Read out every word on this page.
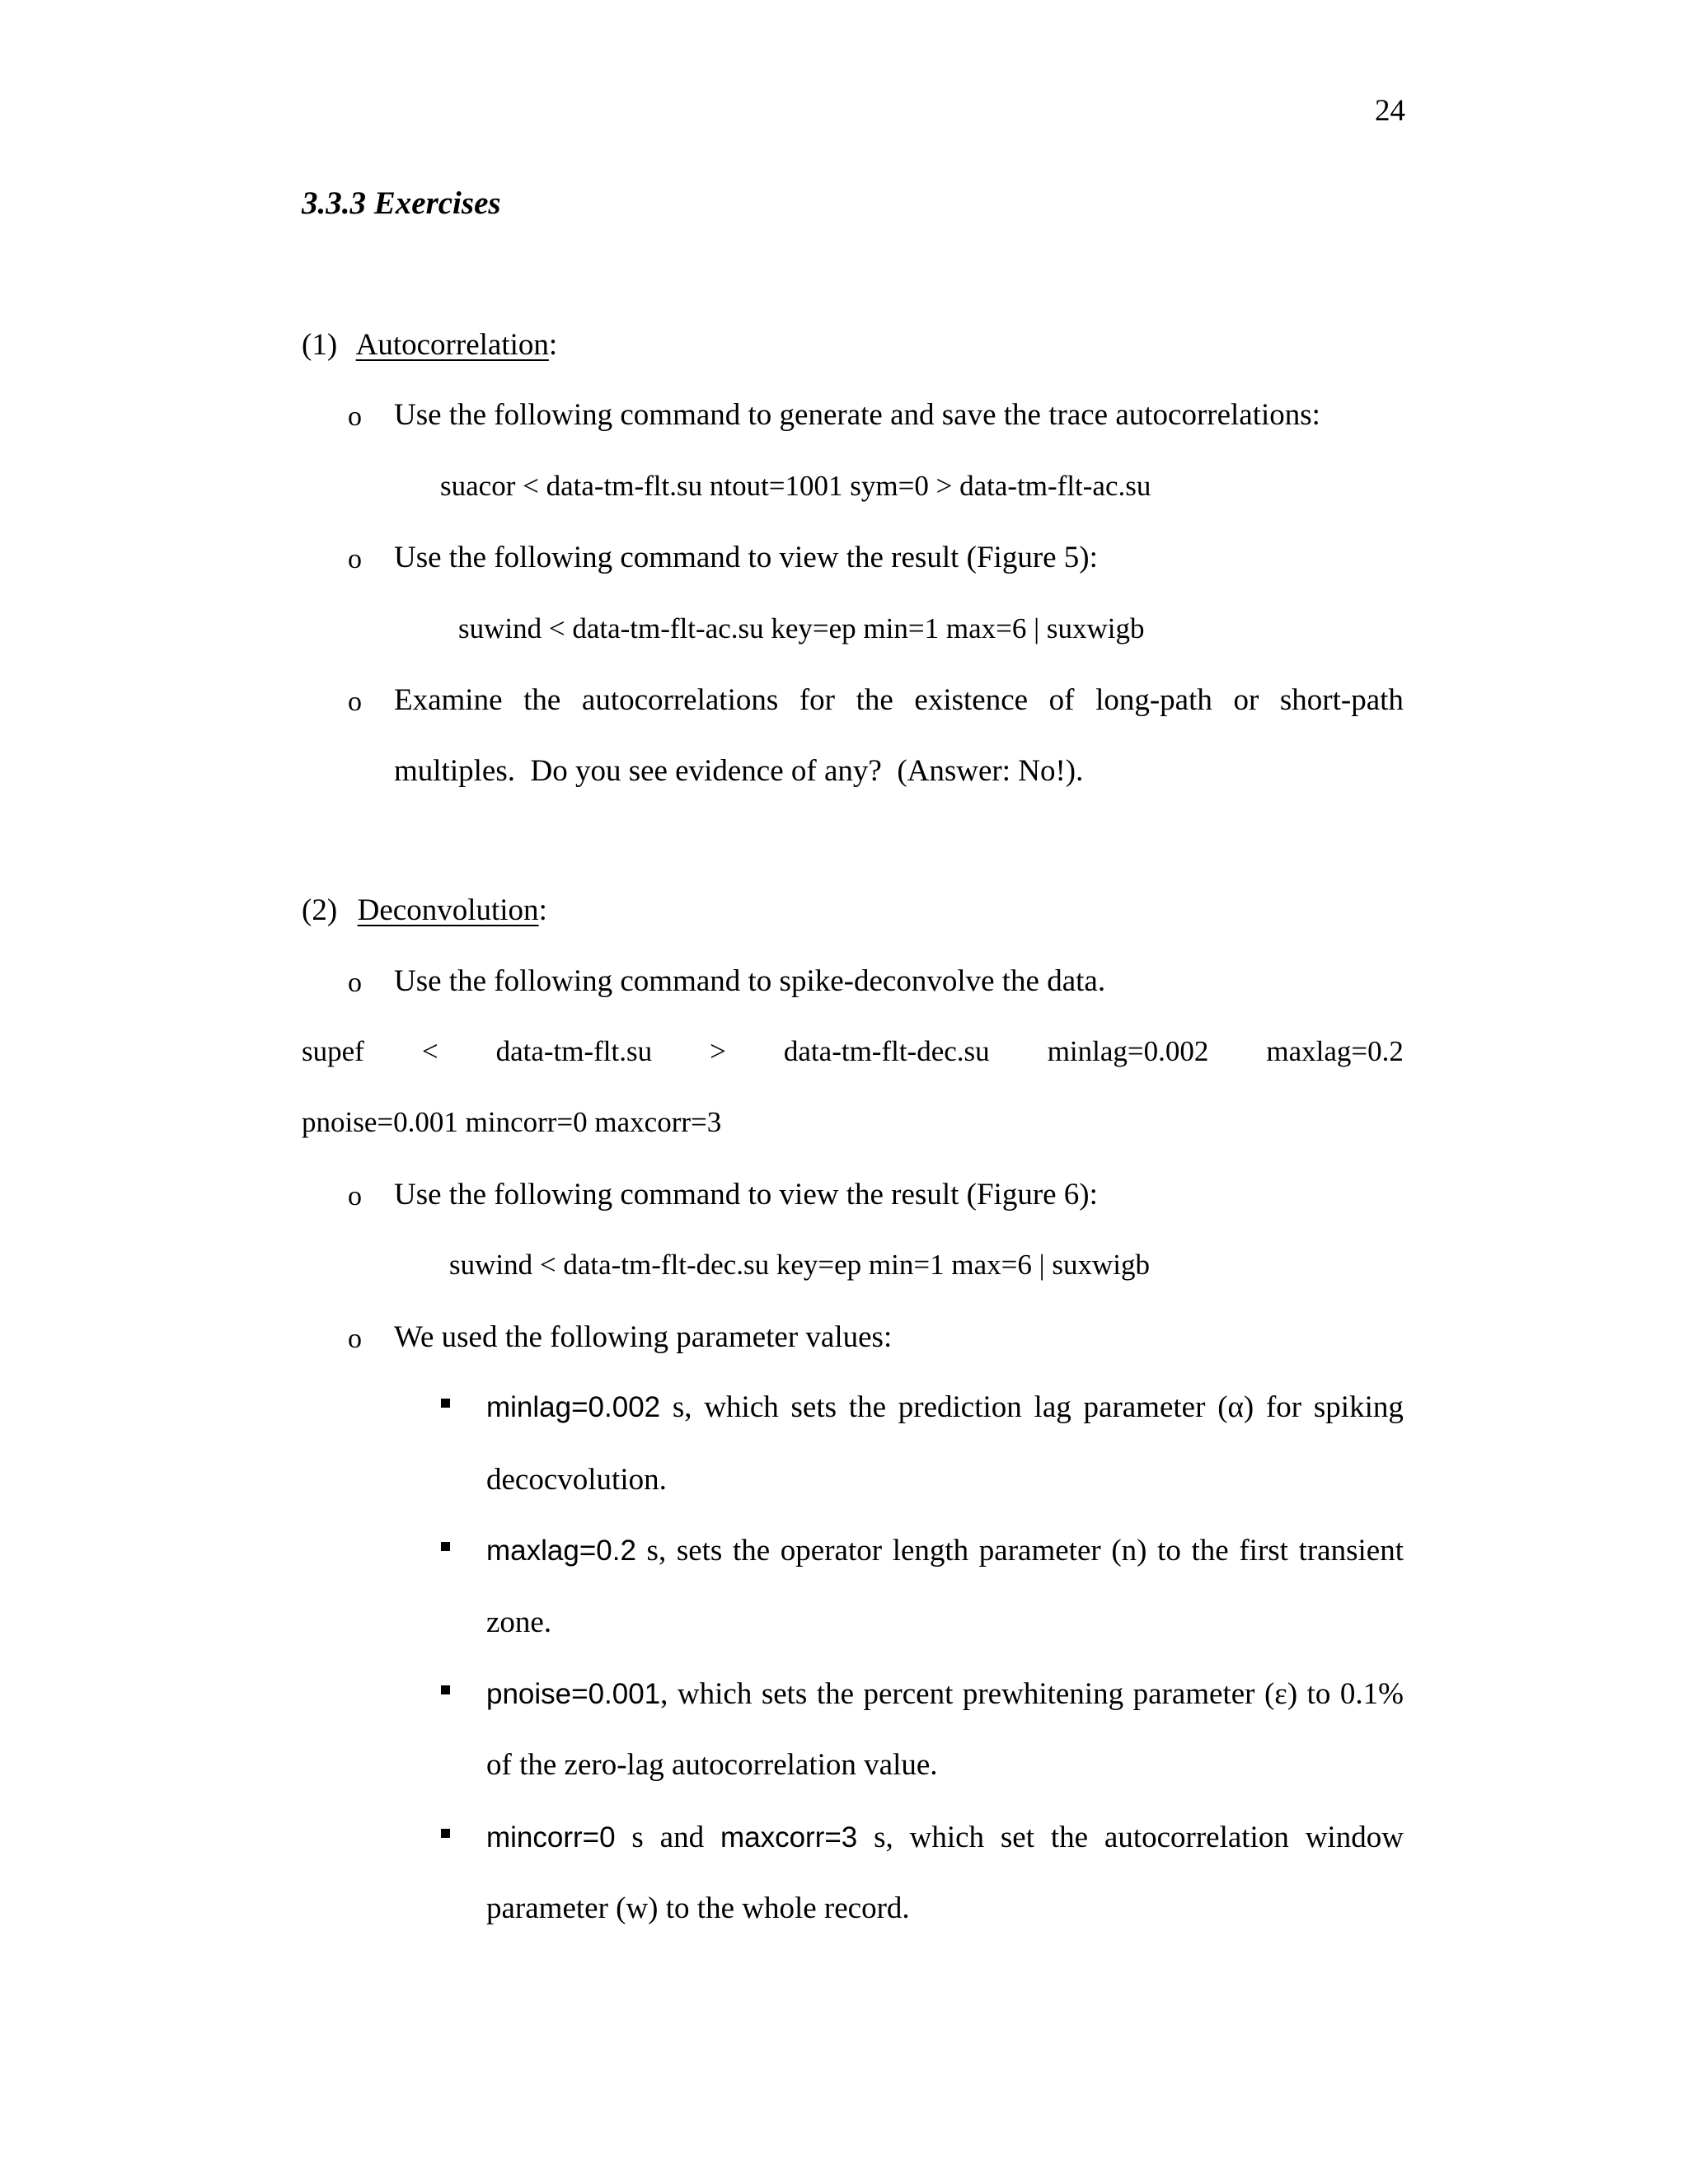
24
3.3.3 Exercises
(1) Autocorrelation:
o Use the following command to generate and save the trace autocorrelations:
suacor < data-tm-flt.su ntout=1001 sym=0 > data-tm-flt-ac.su
o Use the following command to view the result (Figure 5):
suwind < data-tm-flt-ac.su key=ep min=1 max=6 | suxwigb
o Examine the autocorrelations for the existence of long-path or short-path
multiples.  Do you see evidence of any?  (Answer: No!).
(2) Deconvolution:
o Use the following command to spike-deconvolve the data.
supef < data-tm-flt.su > data-tm-flt-dec.su minlag=0.002 maxlag=0.2
pnoise=0.001 mincorr=0 maxcorr=3
o Use the following command to view the result (Figure 6):
suwind < data-tm-flt-dec.su key=ep min=1 max=6 | suxwigb
o We used the following parameter values:
minlag=0.002 s, which sets the prediction lag parameter (α) for spiking
decocvolution.
maxlag=0.2 s, sets the operator length parameter (n) to the first transient
zone.
pnoise=0.001, which sets the percent prewhitening parameter (ε) to 0.1%
of the zero-lag autocorrelation value.
mincorr=0 s and maxcorr=3 s, which set the autocorrelation window
parameter (w) to the whole record.
